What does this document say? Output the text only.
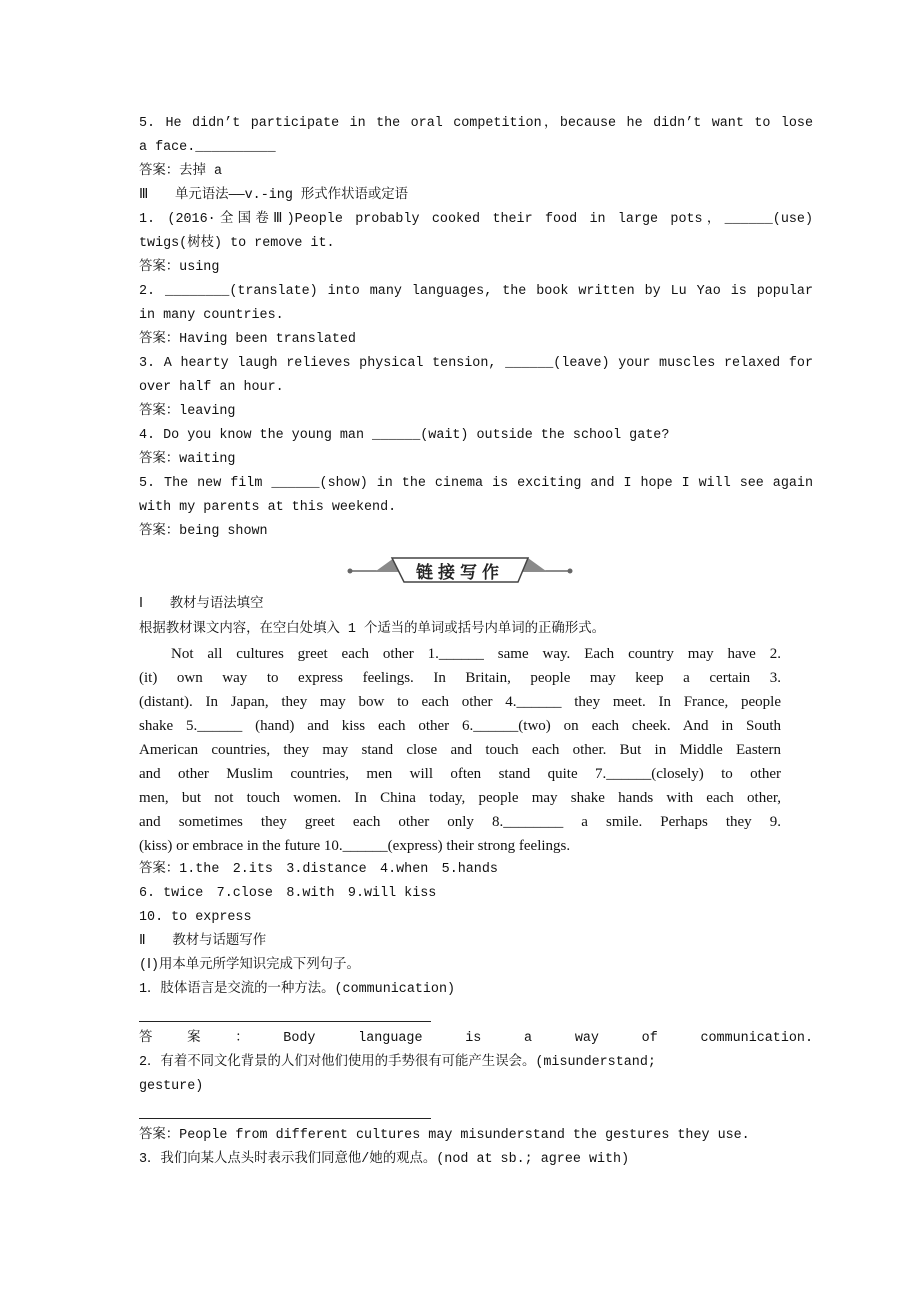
5. He didn’t participate in the oral competition，because he didn’t want to lose
a face.__________
答案：去掉 a
Ⅲ　　单元语法——v.-ing 形式作状语或定语
1. (2016·全国卷Ⅲ)People probably cooked their food in large pots，______(use)
twigs(树枝) to remove it.
答案：using
2. ________(translate) into many languages, the book written by Lu Yao is popular
in many countries.
答案：Having been translated
3. A hearty laugh relieves physical tension, ______(leave) your muscles relaxed for
over half an hour.
答案：leaving
4. Do you know the young man ______(wait) outside the school gate?
答案：waiting
5. The new film ______(show) in the cinema is exciting and I hope I will see again
with my parents at this weekend.
答案：being shown
链接写作
Ⅰ　　教材与语法填空
根据教材课文内容，在空白处填入 1 个适当的单词或括号内单词的正确形式。
Not all cultures greet each other 1.______ same way. Each country may have 2.
(it) own way to express feelings. In Britain, people may keep a certain 3.
(distant). In Japan, they may bow to each other 4.______ they meet. In France, people
shake 5.______ (hand) and kiss each other 6.______(two) on each cheek. And in South
American countries, they may stand close and touch each other. But in Middle Eastern
and other Muslim countries, men will often stand quite 7.______(closely) to other
men, but not touch women. In China today, people may shake hands with each other,
and sometimes they greet each other only 8.________ a smile. Perhaps they 9.
(kiss) or embrace in the future 10.______(express) their strong feelings.
答案：1.the　2.its　3.distance　4.when　5.hands
6. twice　7.close　8.with　9.will kiss
10. to express
Ⅱ　　教材与话题写作
(Ⅰ)用本单元所学知识完成下列句子。
1．肢体语言是交流的一种方法。(communication)
答案：Body language is a way of communication.
2．有着不同文化背景的人们对他们使用的手势很有可能产生误会。(misunderstand;
gesture)
答案：People from different cultures may misunderstand the gestures they use.
3．我们向某人点头时表示我们同意他/她的观点。(nod at sb.; agree with)
